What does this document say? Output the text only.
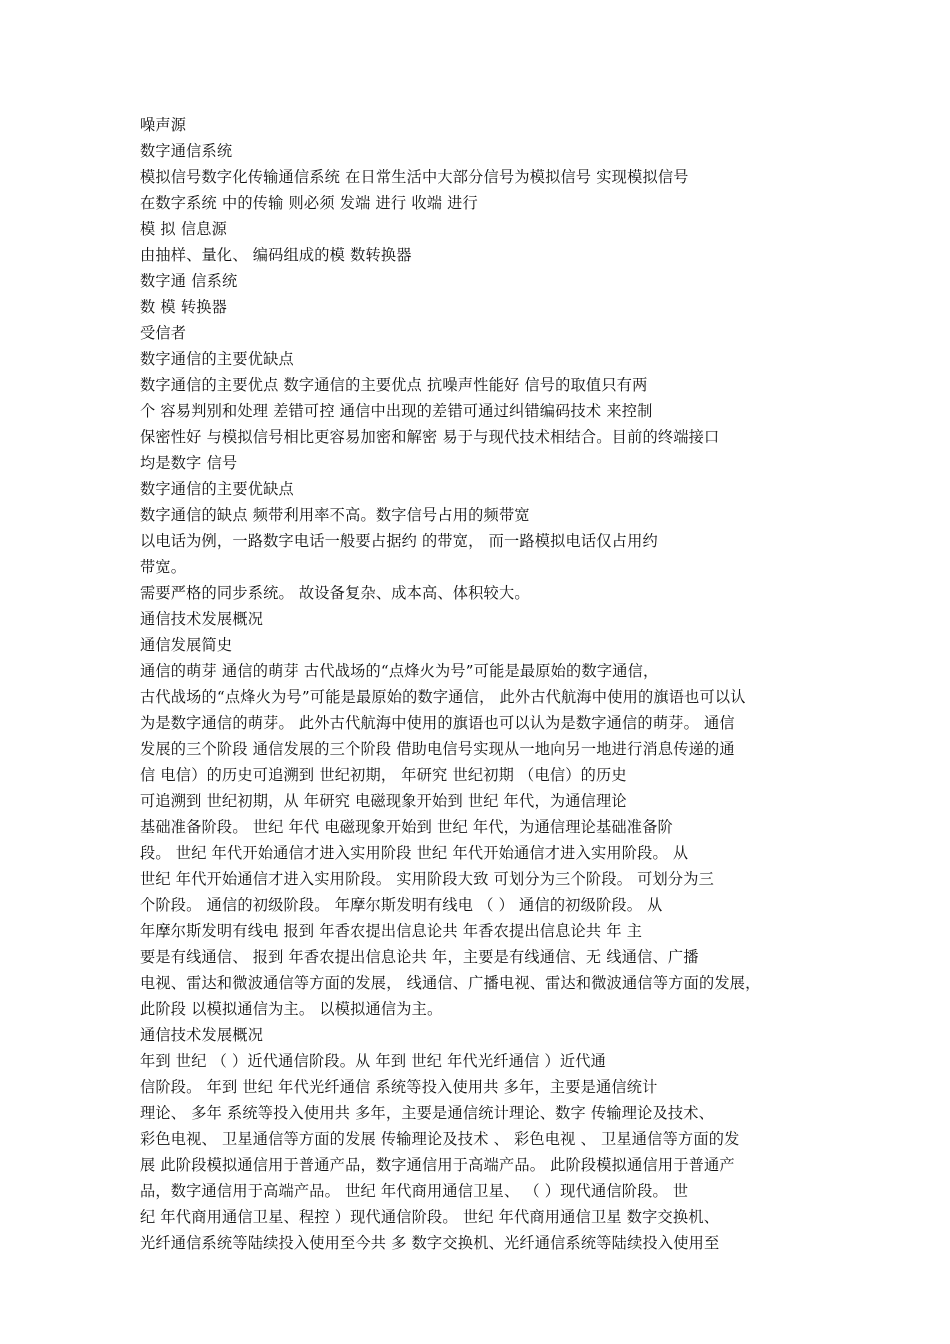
噪声源
数字通信系统
模拟信号数字化传输通信系统 在日常生活中大部分信号为模拟信号 实现模拟信号
在数字系统 中的传输 则必须 发端 进行 收端 进行
模 拟 信息源
由抽样、量化、 编码组成的模 数转换器
数字通 信系统
数 模 转换器
受信者
数字通信的主要优缺点
数字通信的主要优点 数字通信的主要优点 抗噪声性能好 信号的取值只有两
个 容易判别和处理 差错可控 通信中出现的差错可通过纠错编码技术 来控制
保密性好 与模拟信号相比更容易加密和解密 易于与现代技术相结合。目前的终端接口
均是数字 信号
数字通信的主要优缺点
数字通信的缺点 频带利用率不高。数字信号占用的频带宽
以电话为例，一路数字电话一般要占据约 的带宽， 而一路模拟电话仅占用约
带宽。
需要严格的同步系统。 故设备复杂、成本高、体积较大。
通信技术发展概况
通信发展简史
通信的萌芽 通信的萌芽 古代战场的“点烽火为号”可能是最原始的数字通信，
古代战场的“点烽火为号”可能是最原始的数字通信， 此外古代航海中使用的旗语也可以认
为是数字通信的萌芽。 此外古代航海中使用的旗语也可以认为是数字通信的萌芽。 通信
发展的三个阶段 通信发展的三个阶段 借助电信号实现从一地向另一地进行消息传递的通
信 电信）的历史可追溯到 世纪初期， 年研究 世纪初期 （电信）的历史
可追溯到 世纪初期，从 年研究 电磁现象开始到 世纪 年代，为通信理论
基础准备阶段。 世纪 年代 电磁现象开始到 世纪 年代，为通信理论基础准备阶
段。 世纪 年代开始通信才进入实用阶段 世纪 年代开始通信才进入实用阶段。 从
世纪 年代开始通信才进入实用阶段。 实用阶段大致 可划分为三个阶段。 可划分为三
个阶段。 通信的初级阶段。 年摩尔斯发明有线电 （ ） 通信的初级阶段。 从
年摩尔斯发明有线电 报到 年香农提出信息论共 年香农提出信息论共 年 主
要是有线通信、 报到 年香农提出信息论共 年，主要是有线通信、无 线通信、广播
电视、雷达和微波通信等方面的发展， 线通信、广播电视、雷达和微波通信等方面的发展，
此阶段 以模拟通信为主。 以模拟通信为主。
通信技术发展概况
年到 世纪 （ ）近代通信阶段。从 年到 世纪 年代光纤通信 ）近代通
信阶段。 年到 世纪 年代光纤通信 系统等投入使用共 多年，主要是通信统计
理论、 多年 系统等投入使用共 多年，主要是通信统计理论、数字 传输理论及技术、
彩色电视、 卫星通信等方面的发展 传输理论及技术 、 彩色电视 、 卫星通信等方面的发
展 此阶段模拟通信用于普通产品，数字通信用于高端产品。 此阶段模拟通信用于普通产
品，数字通信用于高端产品。 世纪 年代商用通信卫星、 （ ）现代通信阶段。 世
纪 年代商用通信卫星、程控 ）现代通信阶段。 世纪 年代商用通信卫星 数字交换机、
光纤通信系统等陆续投入使用至今共 多 数字交换机、光纤通信系统等陆续投入使用至
